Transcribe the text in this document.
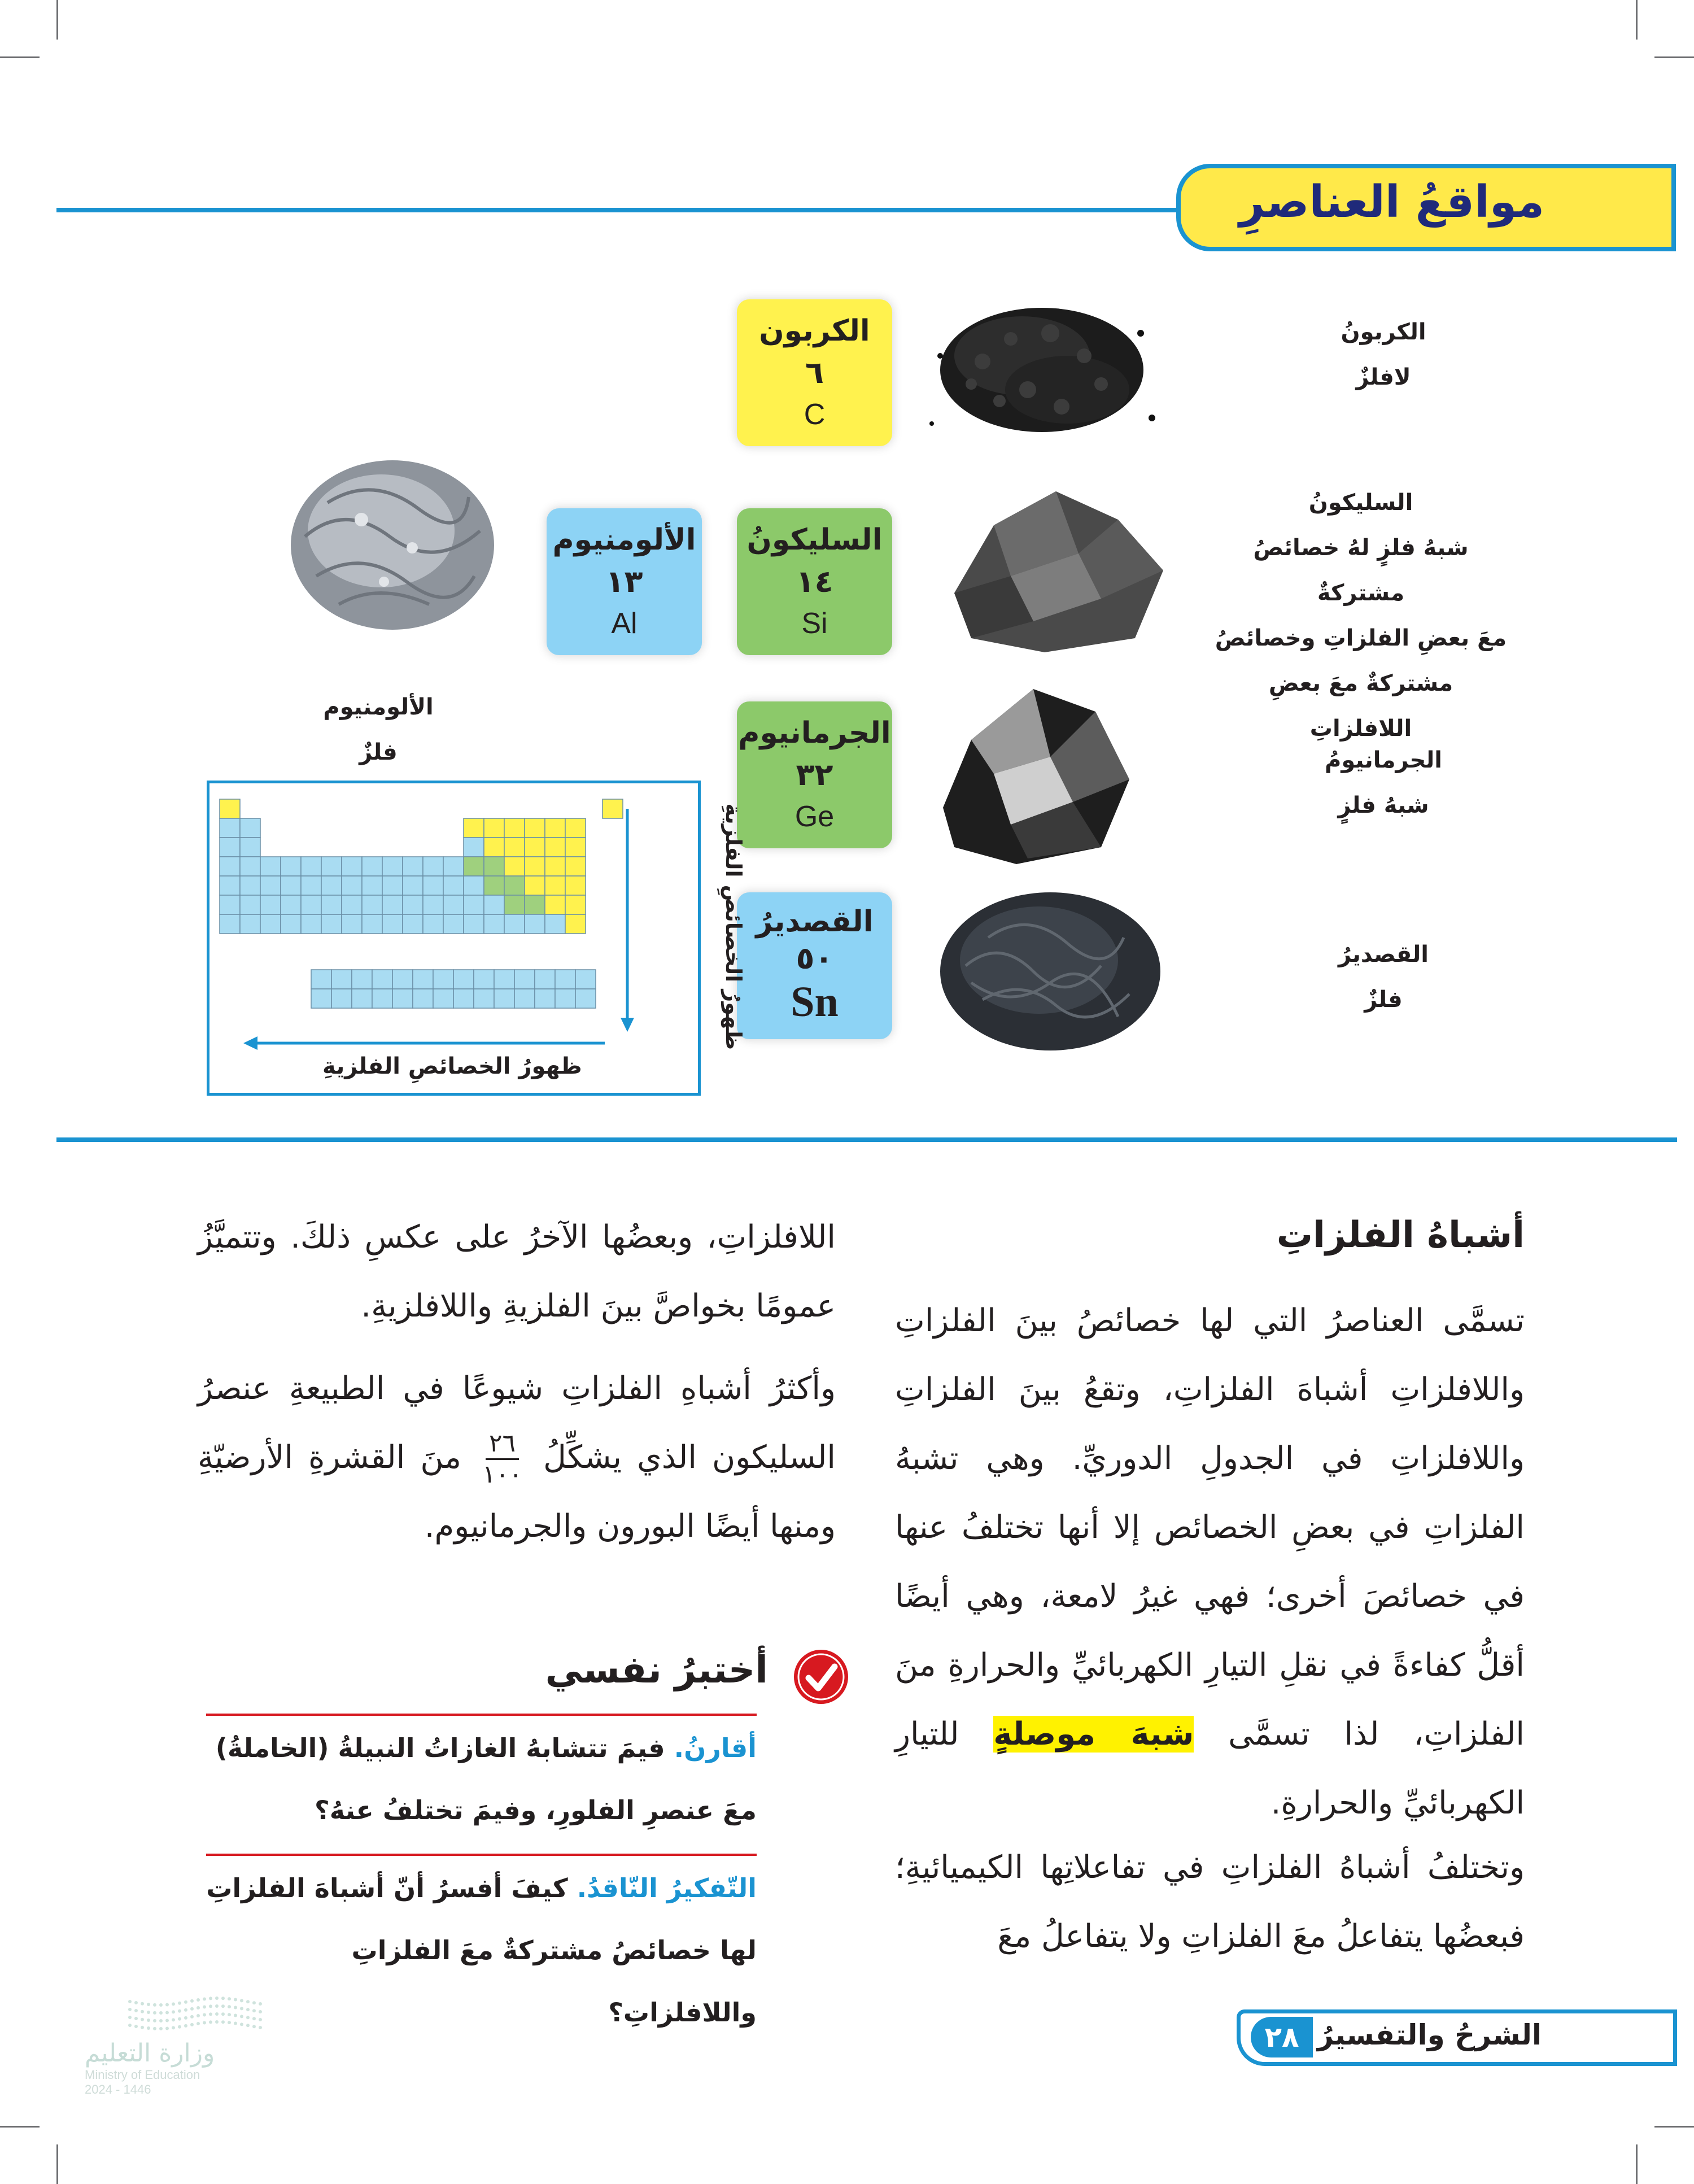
مواقعُ العناصرِ
الكربون
٦
C
السليكونُ
١٤
Si
الألومنيوم
١٣
Al
الجرمانيوم
٣٢
Ge
القصديرُ
٥٠
Sn
الكربونُ
لافلزٌ
السليكونُ
شبهُ فلزٍ لهُ خصائصُ مشتركةٌ
معَ بعضِ الفلزاتِ وخصائصُ
مشتركةٌ معَ بعضِ اللافلزاتِ
الجرمانيومُ
شبهُ فلزٍ
القصديرُ
فلزٌ
الألومنيوم
فلزٌ
ظهورُ الخصائصِ الفلزيةِ
ظهورُ الخصائصِ الفلزيةِ
أشباهُ الفلزاتِ
تسمَّى العناصرُ التي لها خصائصُ بينَ الفلزاتِ واللافلزاتِ أشباهَ الفلزاتِ، وتقعُ بينَ الفلزاتِ واللافلزاتِ في الجدولِ الدوريِّ. وهي تشبهُ الفلزاتِ في بعضِ الخصائص إلا أنها تختلفُ عنها في خصائصَ أخرى؛ فهي غيرُ لامعة، وهي أيضًا أقلُّ كفاءةً في نقلِ التيارِ الكهربائيِّ والحرارةِ منَ الفلزاتِ، لذا تسمَّى شبهَ موصلةٍ للتيارِ الكهربائيِّ والحرارةِ.
وتختلفُ أشباهُ الفلزاتِ في تفاعلاتِها الكيميائيةِ؛ فبعضُها يتفاعلُ معَ الفلزاتِ ولا يتفاعلُ معَ
اللافلزاتِ، وبعضُها الآخرُ على عكسِ ذلكَ. وتتميَّزُ عمومًا بخواصَّ بينَ الفلزيةِ واللافلزيةِ.
وأكثرُ أشباهِ الفلزاتِ شيوعًا في الطبيعةِ عنصرُ السليكون الذي يشكِّلُ
٢٦
١٠٠
منَ القشرةِ الأرضيّةِ ومنها أيضًا البورون والجرمانيوم.
أختبرُ نفسي
أقارنُ. فيمَ تتشابهُ الغازاتُ النبيلةُ (الخاملةُ) معَ عنصرِ الفلورِ، وفيمَ تختلفُ عنهُ؟
التّفكيرُ النّاقدُ. كيفَ أفسرُ أنّ أشباهَ الفلزاتِ لها خصائصُ مشتركةٌ معَ الفلزاتِ واللافلزاتِ؟
الشرحُ والتفسيرُ
٢٨
وزارة التعليم
Ministry of Education
2024 - 1446
